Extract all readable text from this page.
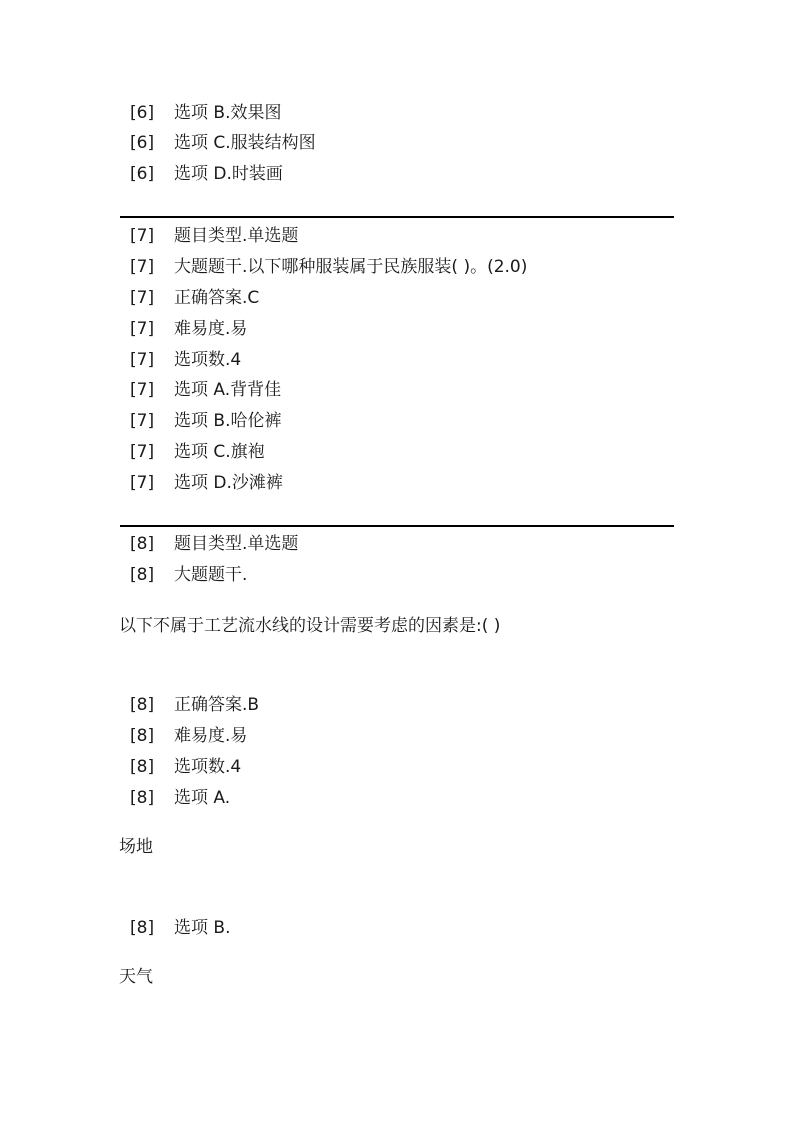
[6]	选项 B.效果图
[6]	选项 C.服装结构图
[6]	选项 D.时装画
[7]	题目类型.单选题
[7]	大题题干.以下哪种服装属于民族服装( )。(2.0)
[7]	正确答案.C
[7]	难易度.易
[7]	选项数.4
[7]	选项 A.背背佳
[7]	选项 B.哈伦裤
[7]	选项 C.旗袍
[7]	选项 D.沙滩裤
[8]	题目类型.单选题
[8]	大题题干.
以下不属于工艺流水线的设计需要考虑的因素是:( )
[8]	正确答案.B
[8]	难易度.易
[8]	选项数.4
[8]	选项 A.
场地
[8]	选项 B.
天气
